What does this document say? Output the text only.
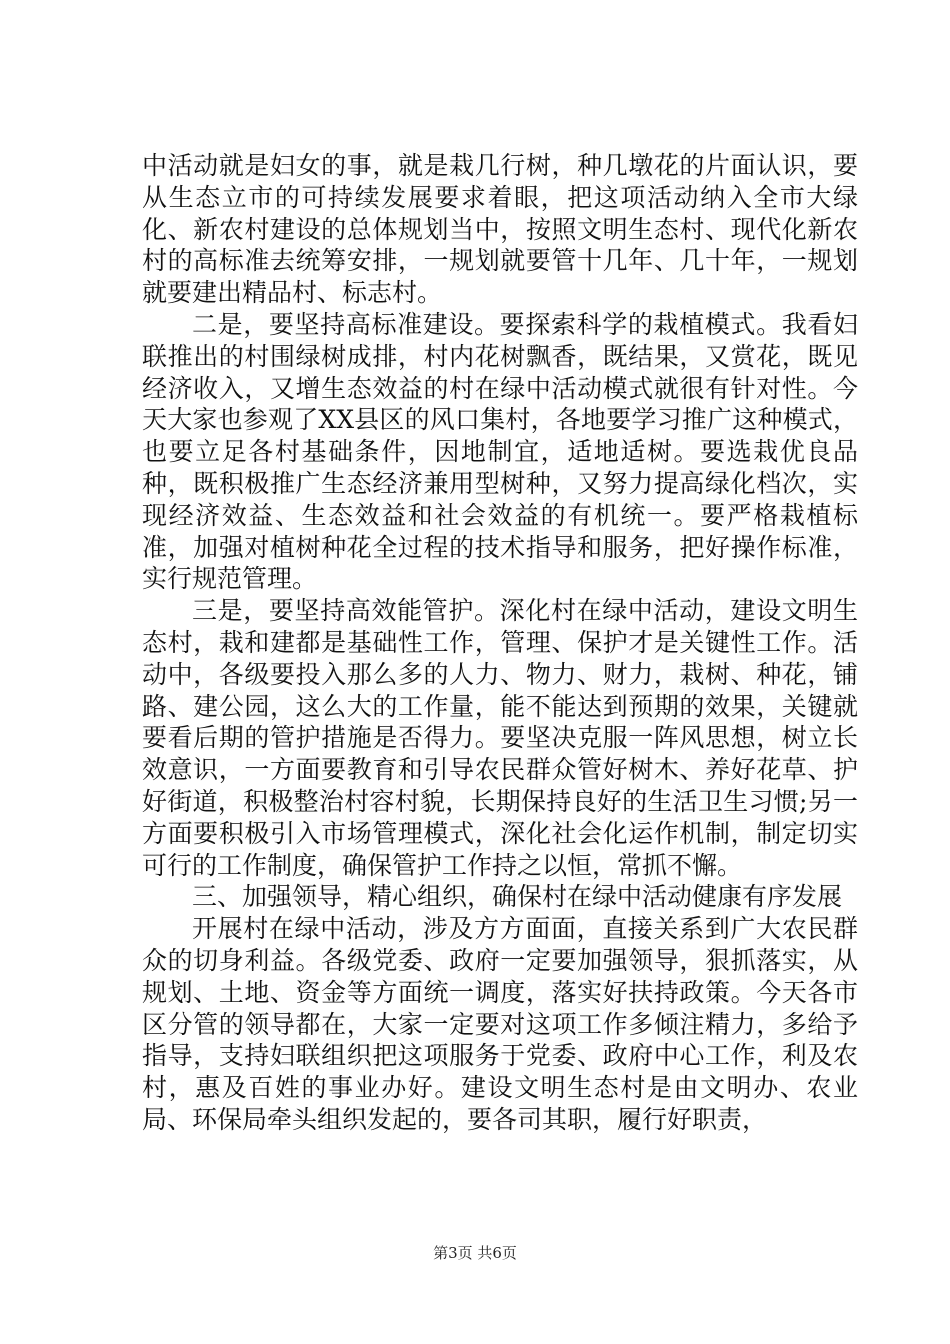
中活动就是妇女的事，就是栽几行树，种几墩花的片面认识，要从生态立市的可持续发展要求着眼，把这项活动纳入全市大绿化、新农村建设的总体规划当中，按照文明生态村、现代化新农村的高标准去统筹安排，一规划就要管十几年、几十年，一规划就要建出精品村、标志村。

二是，要坚持高标准建设。要探索科学的栽植模式。我看妇联推出的村围绿树成排，村内花树飘香，既结果，又赏花，既见经济收入，又增生态效益的村在绿中活动模式就很有针对性。今天大家也参观了XX县区的风口集村，各地要学习推广这种模式，也要立足各村基础条件，因地制宜，适地适树。要选栽优良品种，既积极推广生态经济兼用型树种，又努力提高绿化档次，实现经济效益、生态效益和社会效益的有机统一。要严格栽植标准，加强对植树种花全过程的技术指导和服务，把好操作标准，实行规范管理。

三是，要坚持高效能管护。深化村在绿中活动，建设文明生态村，栽和建都是基础性工作，管理、保护才是关键性工作。活动中，各级要投入那么多的人力、物力、财力，栽树、种花，铺路、建公园，这么大的工作量，能不能达到预期的效果，关键就要看后期的管护措施是否得力。要坚决克服一阵风思想，树立长效意识，一方面要教育和引导农民群众管好树木、养好花草、护好街道，积极整治村容村貌，长期保持良好的生活卫生习惯;另一方面要积极引入市场管理模式，深化社会化运作机制，制定切实可行的工作制度，确保管护工作持之以恒，常抓不懈。

三、加强领导，精心组织，确保村在绿中活动健康有序发展

开展村在绿中活动，涉及方方面面，直接关系到广大农民群众的切身利益。各级党委、政府一定要加强领导，狠抓落实，从规划、土地、资金等方面统一调度，落实好扶持政策。今天各市区分管的领导都在，大家一定要对这项工作多倾注精力，多给予指导，支持妇联组织把这项服务于党委、政府中心工作，利及农村，惠及百姓的事业办好。建设文明生态村是由文明办、农业局、环保局牵头组织发起的，要各司其职，履行好职责，

第3页 共6页
